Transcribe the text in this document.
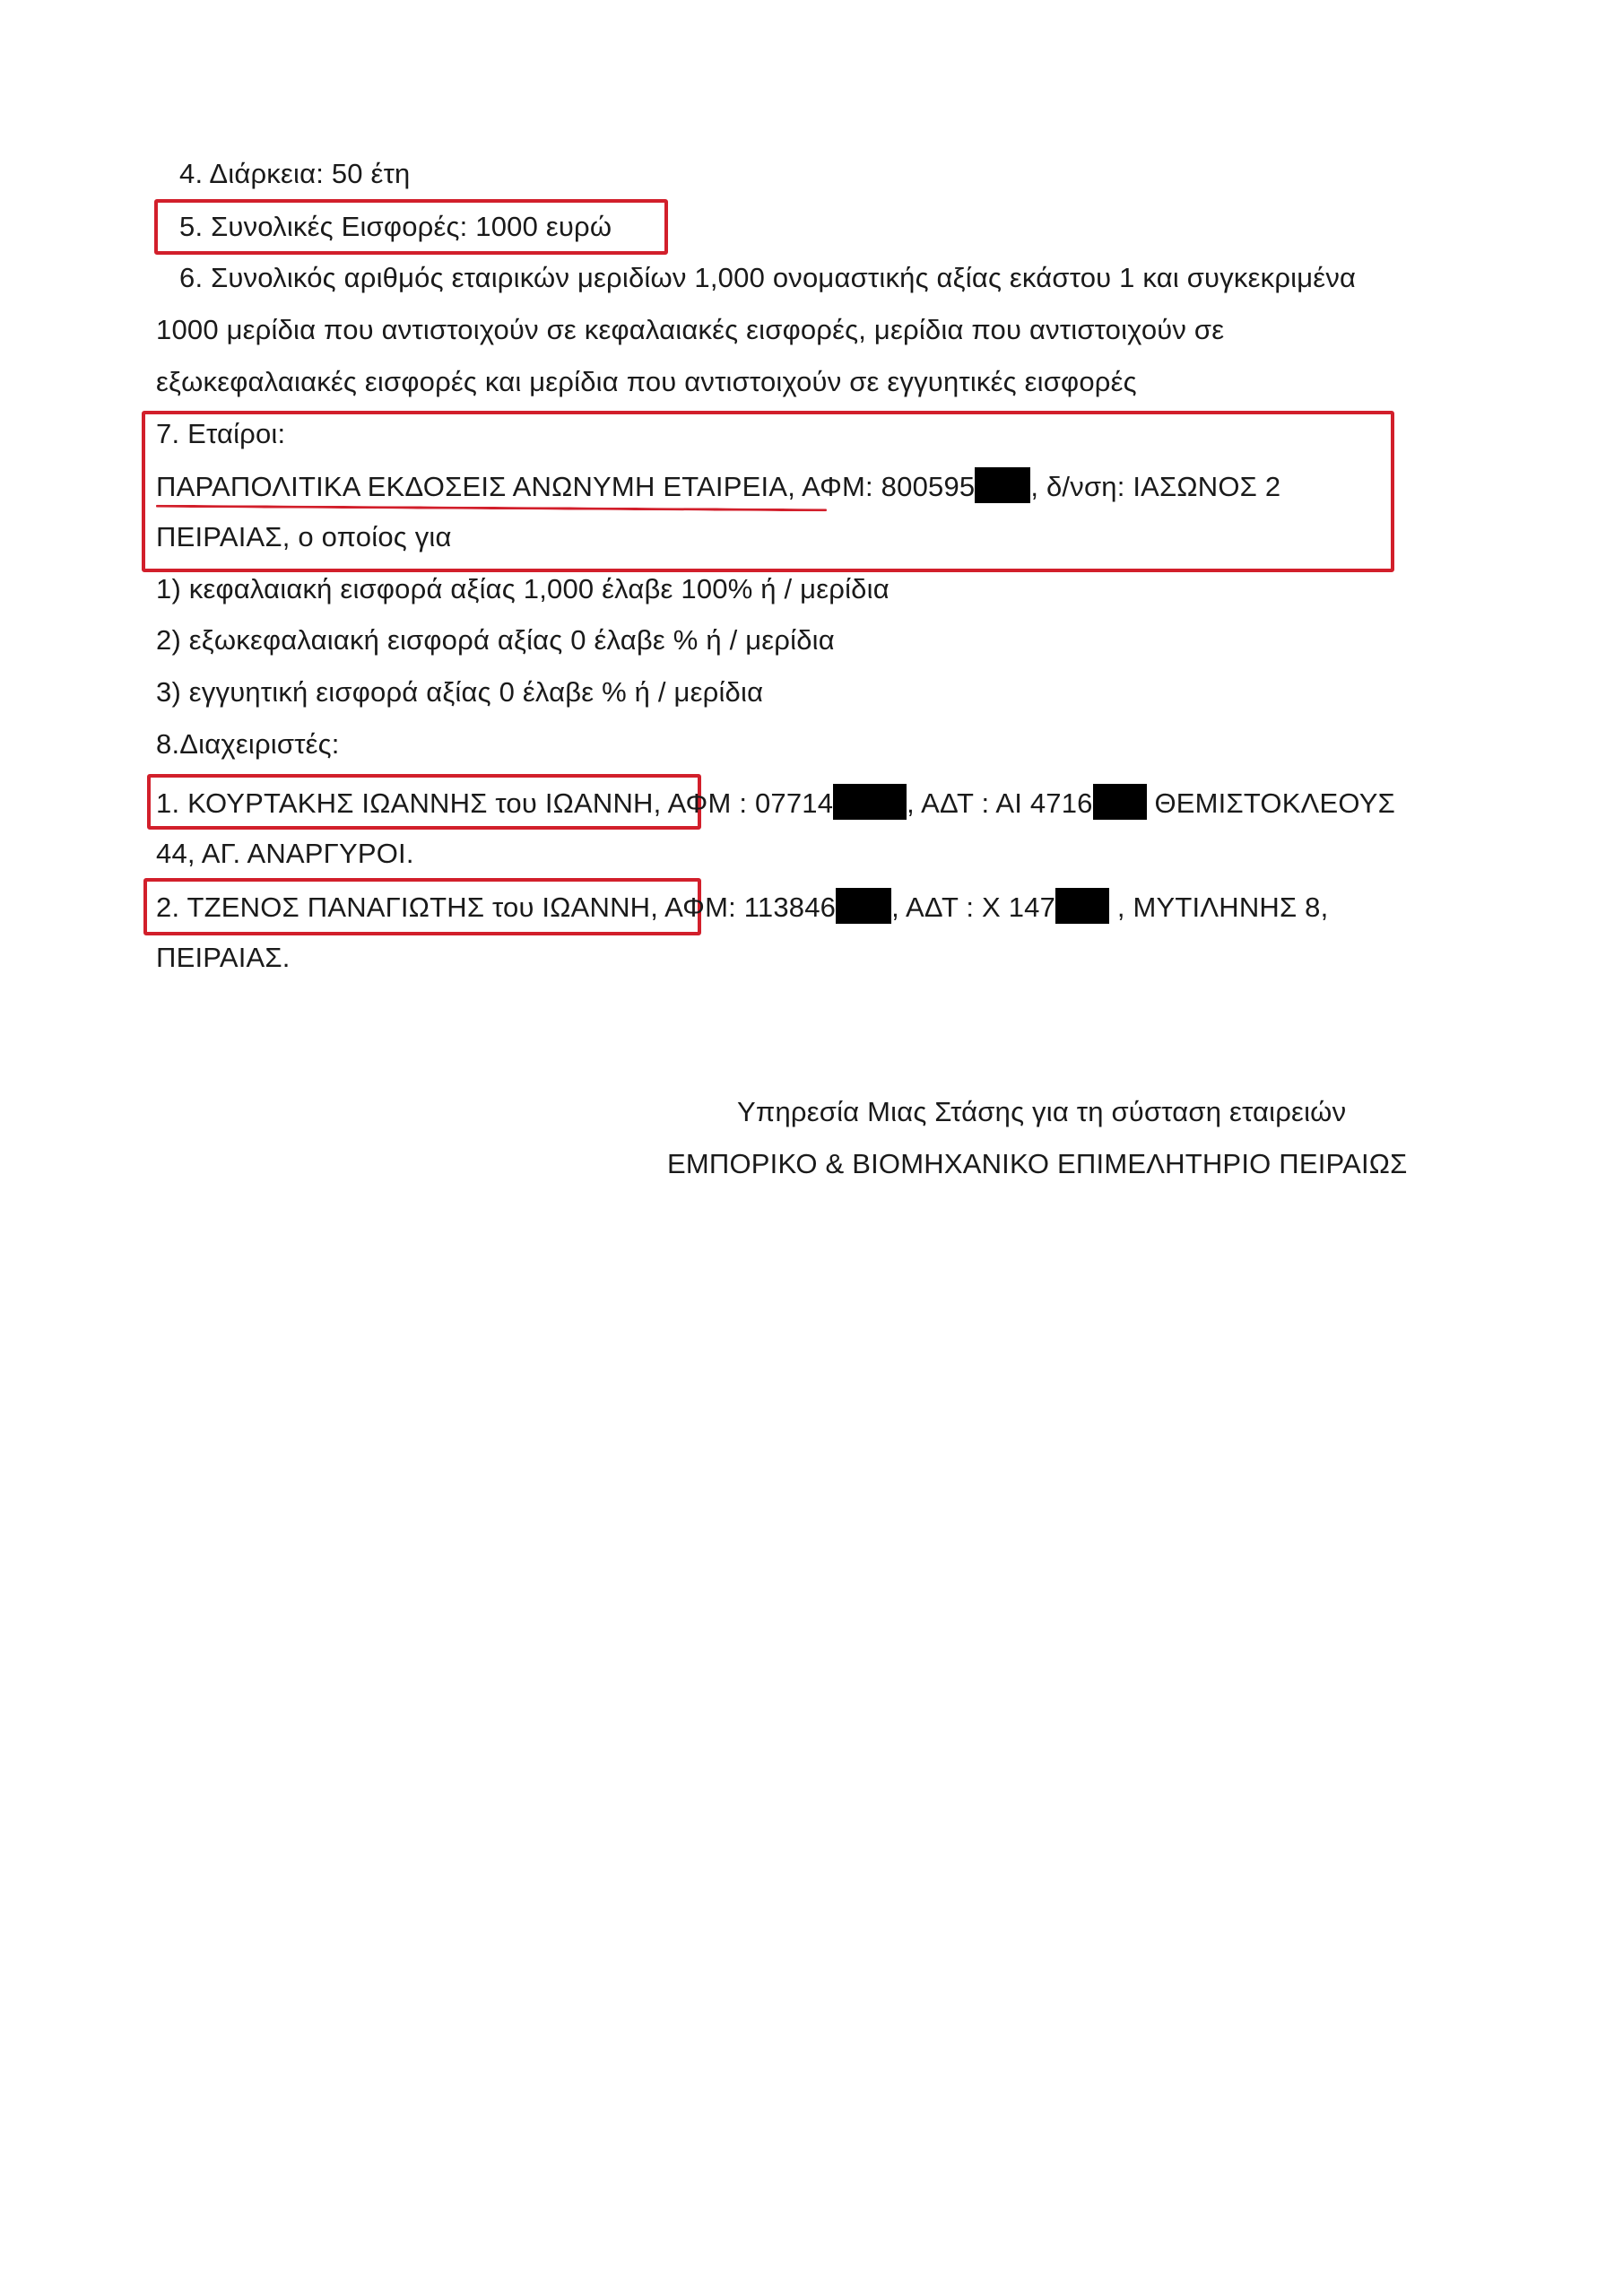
4. Διάρκεια: 50 έτη
5. Συνολικές Εισφορές: 1000 ευρώ
6. Συνολικός αριθμός εταιρικών μεριδίων 1,000 ονομαστικής αξίας εκάστου 1 και συγκεκριμένα
1000 μερίδια που αντιστοιχούν σε κεφαλαιακές εισφορές, μερίδια που αντιστοιχούν σε
εξωκεφαλαιακές εισφορές και μερίδια που αντιστοιχούν σε εγγυητικές εισφορές
7. Εταίροι:
ΠΑΡΑΠΟΛΙΤΙΚΑ ΕΚΔΟΣΕΙΣ ΑΝΩΝΥΜΗ ΕΤΑΙΡΕΙΑ, ΑΦΜ: 800595 , δ/νση: ΙΑΣΩΝΟΣ 2
ΠΕΙΡΑΙΑΣ, ο οποίος για
1) κεφαλαιακή εισφορά αξίας 1,000 έλαβε 100% ή / μερίδια
2) εξωκεφαλαιακή εισφορά αξίας 0 έλαβε % ή / μερίδια
3) εγγυητική εισφορά αξίας 0 έλαβε % ή / μερίδια
8.Διαχειριστές:
1. ΚΟΥΡΤΑΚΗΣ ΙΩΑΝΝΗΣ του ΙΩΑΝΝΗ, ΑΦΜ : 07714	, ΑΔΤ : ΑΙ 4716 ΘΕΜΙΣΤΟΚΛΕΟΥΣ
44, ΑΓ. ΑΝΑΡΓΥΡΟΙ.
2. ΤΖΕΝΟΣ ΠΑΝΑΓΙΩΤΗΣ του ΙΩΑΝΝΗ, ΑΦΜ: 113846 , ΑΔΤ : Χ 147 , ΜΥΤΙΛΗΝΗΣ 8,
ΠΕΙΡΑΙΑΣ.
Υπηρεσία Μιας Στάσης για τη σύσταση εταιρειών
ΕΜΠΟΡΙΚΟ & ΒΙΟΜΗΧΑΝΙΚΟ ΕΠΙΜΕΛΗΤΗΡΙΟ ΠΕΙΡΑΙΩΣ
